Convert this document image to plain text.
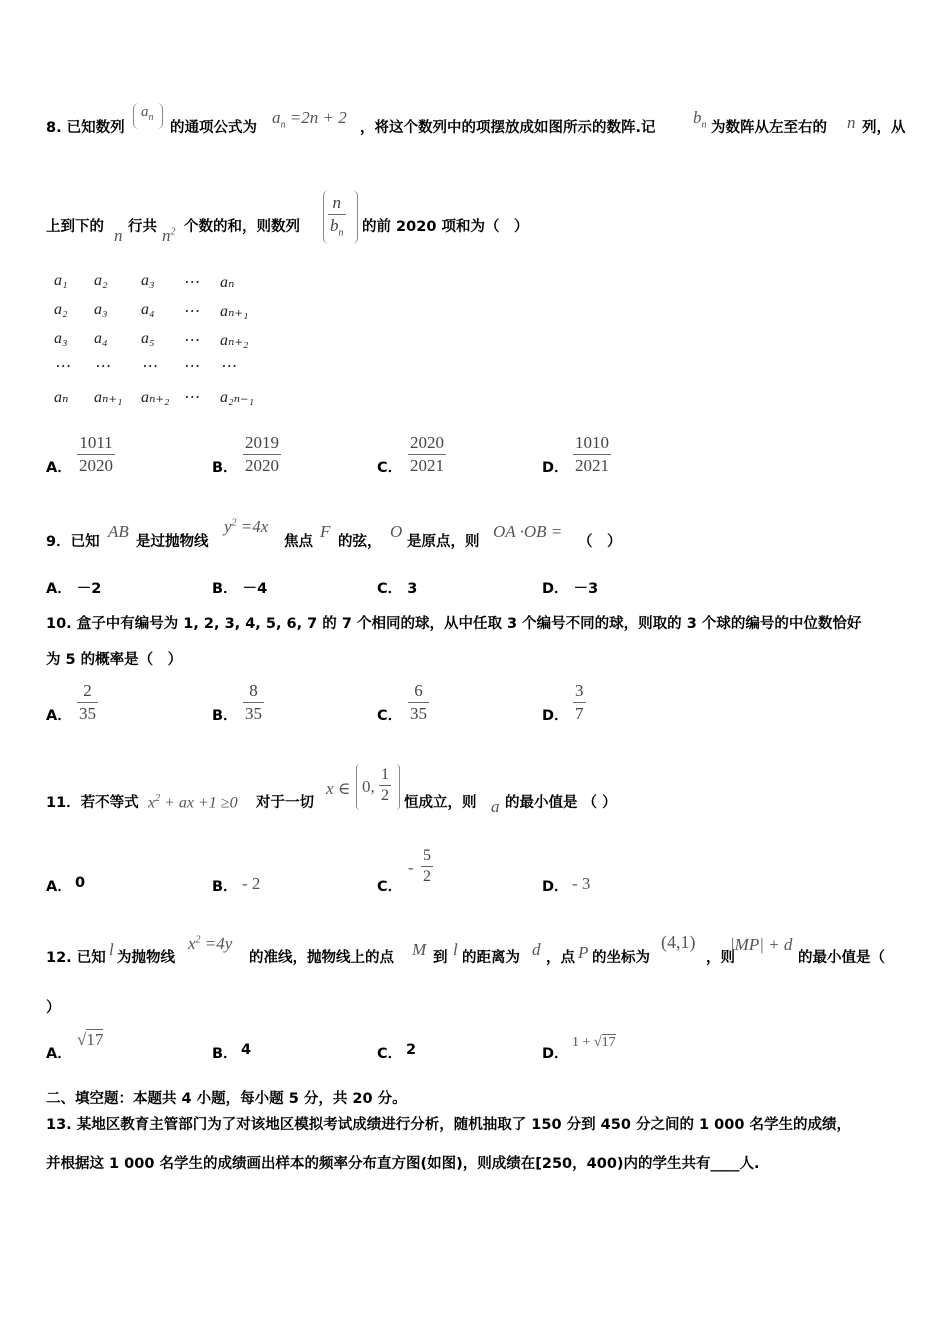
8. 已知数列
$a_n$
的通项公式为
$a_n =2n + 2$
，将这个数列中的项摆放成如图所示的数阵.记
$b_n$ 为数阵从左至右的 n 列，从
上到下的 n 行共 $n^2$ 个数的和，则数列
n
$b_n$ 的前 2020 项和为（　）
a₁ a₂ a₃ ⋯ aₙ
a₂ a₃ a₄ ⋯ aₙ₊₁
a₃ a₄ a₅ ⋯ aₙ₊₂
⋯ ⋯ ⋯ ⋯ ⋯
aₙ aₙ₊₁ aₙ₊₂ ⋯ a₂ₙ₋₁
A．
1011
2020	B．
2019
2020	C．
2020
2021	D．
1010
2021
9．已知
AB
是过抛物线
$y^2 =4x$
焦点
F
的弦，
O
是原点，则
OA ·OB =
（　）
A． －2	B． －4	C． 3	D． －3
10. 盒子中有编号为 1, 2, 3, 4, 5, 6, 7 的 7 个相同的球，从中任取 3 个编号不同的球，则取的 3 个球的编号的中位数恰好
为 5 的概率是（　）
A．
2
35	B．
8
35	C．
6
35	D．
3
7
11．若不等式 $x^2$ + ax +1 ≥0 对于一切
x ∈ 0,
1
2 恒成立，则 a 的最小值是 （ ）
A． 0	B． - 2	C．
-
5
2
D． - 3
12. 已知 l 为抛物线
$x^2 =4y$
的准线，抛物线上的点 M 到 l 的距离为 d ，点 P 的坐标为
(4,1)
，则
|MP| + d
的最小值是（
）
A．
√17
B． 4	C． 2	D．
1 + √17
二、填空题：本题共 4 小题，每小题 5 分，共 20 分。
13. 某地区教育主管部门为了对该地区模拟考试成绩进行分析，随机抽取了 150 分到 450 分之间的 1 000 名学生的成绩，
并根据这 1 000 名学生的成绩画出样本的频率分布直方图(如图)，则成绩在[250，400)内的学生共有____人.
